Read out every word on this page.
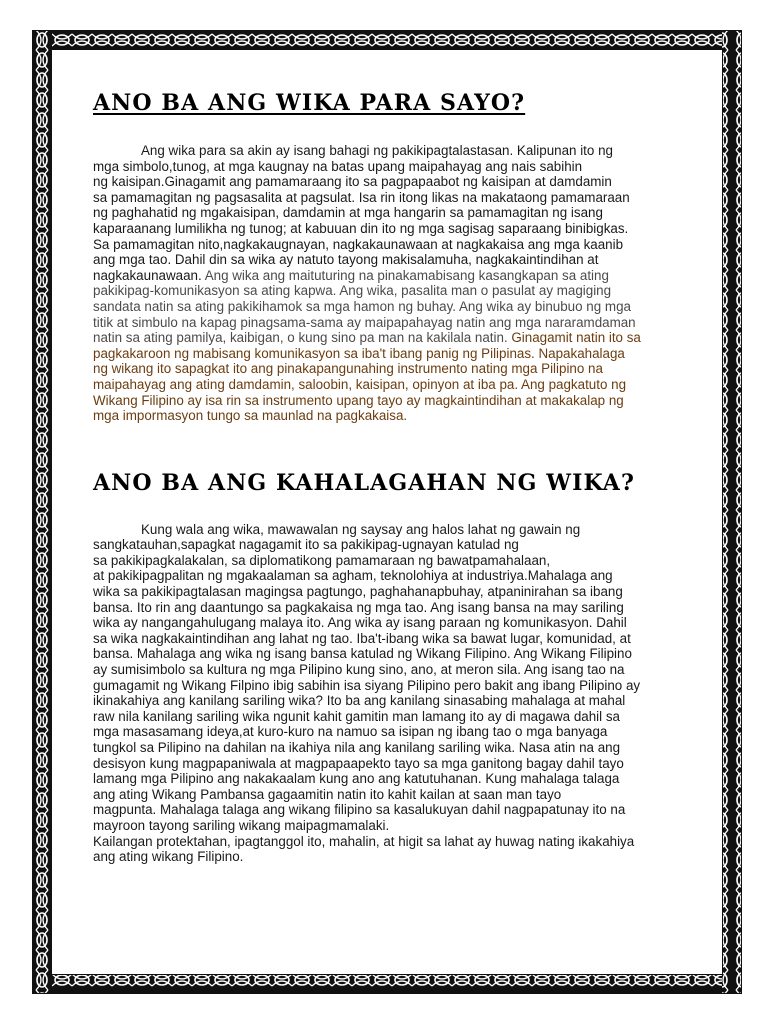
ANO BA ANG WIKA PARA SAYO?
Ang wika para sa akin ay isang bahagi ng pakikipagtalastasan. Kalipunan ito ng
mga simbolo,tunog, at mga kaugnay na batas upang maipahayag ang nais sabihin
ng kaisipan.Ginagamit ang pamamaraang ito sa pagpapaabot ng kaisipan at damdamin
sa pamamagitan ng pagsasalita at pagsulat. Isa rin itong likas na makataong pamamaraan
ng paghahatid ng mgakaisipan, damdamin at mga hangarin sa pamamagitan ng isang
kaparaanang lumilikha ng tunog; at kabuuan din ito ng mga sagisag saparaang binibigkas.
Sa pamamagitan nito,nagkakaugnayan, nagkakaunawaan at nagkakaisa ang mga kaanib
ang mga tao. Dahil din sa wika ay natuto tayong makisalamuha, nagkakaintindihan at
nagkakaunawaan. Ang wika ang maituturing na pinakamabisang kasangkapan sa ating
pakikipag-komunikasyon sa ating kapwa. Ang wika, pasalita man o pasulat ay magiging
sandata natin sa ating pakikihamok sa mga hamon ng buhay. Ang wika ay binubuo ng mga
titik at simbulo na kapag pinagsama-sama ay maipapahayag natin ang mga nararamdaman
natin sa ating pamilya, kaibigan, o kung sino pa man na kakilala natin. Ginagamit natin ito sa
pagkakaroon ng mabisang komunikasyon sa iba't ibang panig ng Pilipinas. Napakahalaga
ng wikang ito sapagkat ito ang pinakapangunahing instrumento nating mga Pilipino na
maipahayag ang ating damdamin, saloobin, kaisipan, opinyon at iba pa. Ang pagkatuto ng
Wikang Filipino ay isa rin sa instrumento upang tayo ay magkaintindihan at makakalap ng
mga impormasyon tungo sa maunlad na pagkakaisa.
ANO BA ANG KAHALAGAHAN NG WIKA?
Kung wala ang wika, mawawalan ng saysay ang halos lahat ng gawain ng
sangkatauhan,sapagkat nagagamit ito sa pakikipag-ugnayan katulad ng
sa pakikipagkalakalan, sa diplomatikong pamamaraan ng bawatpamahalaan,
at pakikipagpalitan ng mgakaalaman sa agham, teknolohiya at industriya.Mahalaga ang
wika sa pakikipagtalasan magingsa pagtungo, paghahanapbuhay, atpaninirahan sa ibang
bansa. Ito rin ang daantungo sa pagkakaisa ng mga tao. Ang isang bansa na may sariling
wika ay nangangahulugang malaya ito. Ang wika ay isang paraan ng komunikasyon. Dahil
sa wika nagkakaintindihan ang lahat ng tao. Iba't-ibang wika sa bawat lugar, komunidad, at
bansa. Mahalaga ang wika ng isang bansa katulad ng Wikang Filipino. Ang Wikang Filipino
ay sumisimbolo sa kultura ng mga Pilipino kung sino, ano, at meron sila. Ang isang tao na
gumagamit ng Wikang Filpino ibig sabihin isa siyang Pilipino pero bakit ang ibang Pilipino ay
ikinakahiya ang kanilang sariling wika? Ito ba ang kanilang sinasabing mahalaga at mahal
raw nila kanilang sariling wika ngunit kahit gamitin man lamang ito ay di magawa dahil sa
mga masasamang ideya,at kuro-kuro na namuo sa isipan ng ibang tao o mga banyaga
tungkol sa Pilipino na dahilan na ikahiya nila ang kanilang sariling wika. Nasa atin na ang
desisyon kung magpapaniwala at magpapaapekto tayo sa mga ganitong bagay dahil tayo
lamang mga Pilipino ang nakakaalam kung ano ang katutuhanan. Kung mahalaga talaga
ang ating Wikang Pambansa gagaamitin natin ito kahit kailan at saan man tayo
magpunta. Mahalaga talaga ang wikang filipino sa kasalukuyan dahil nagpapatunay ito na
mayroon tayong sariling wikang maipagmamalaki.
Kailangan protektahan, ipagtanggol ito, mahalin, at higit sa lahat ay huwag nating ikakahiya
ang ating wikang Filipino.
